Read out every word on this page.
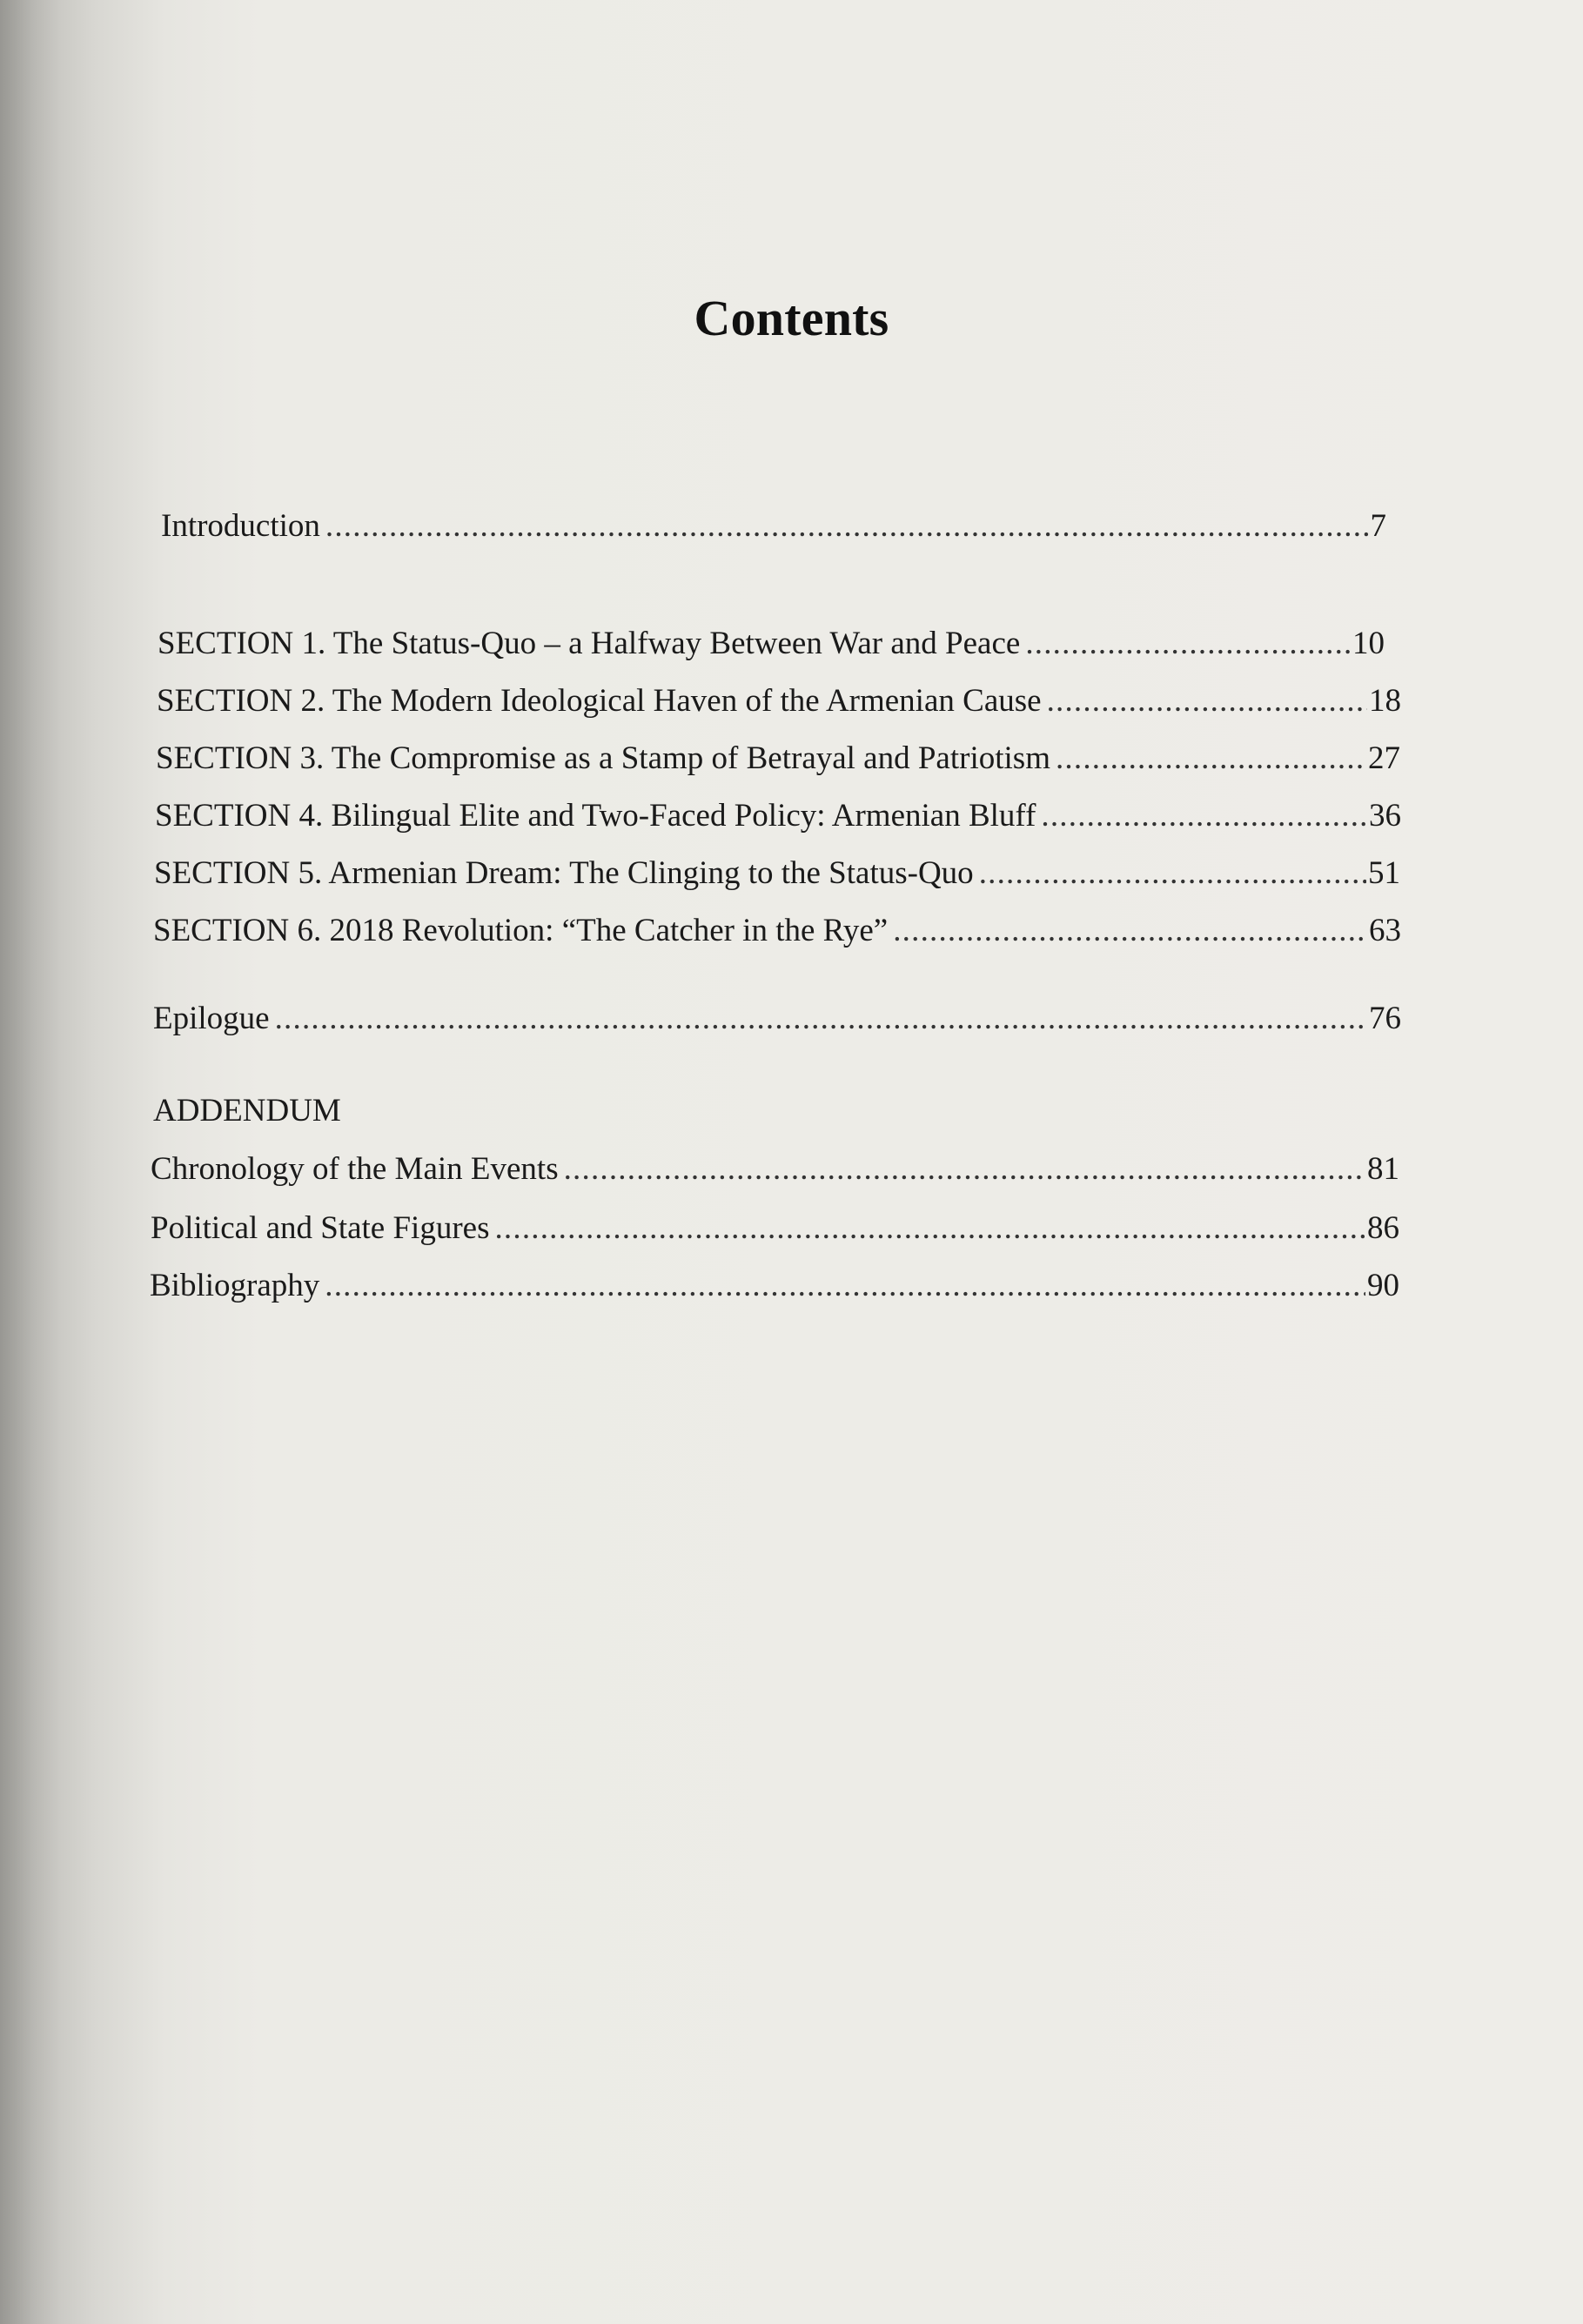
Contents
Introduction .....	7
SECTION 1. The Status-Quo – a Halfway Between War and Peace .....	10
SECTION 2. The Modern Ideological Haven of the Armenian Cause .....	18
SECTION 3. The Compromise as a Stamp of Betrayal and Patriotism .....	27
SECTION 4. Bilingual Elite and Two-Faced Policy: Armenian Bluff .....	36
SECTION 5. Armenian Dream: The Clinging to the Status-Quo .....	51
SECTION 6. 2018 Revolution: “The Catcher in the Rye” .....	63
Epilogue .....	76
ADDENDUM
Chronology of the Main Events .....	81
Political and State Figures .....	86
Bibliography .....	90
